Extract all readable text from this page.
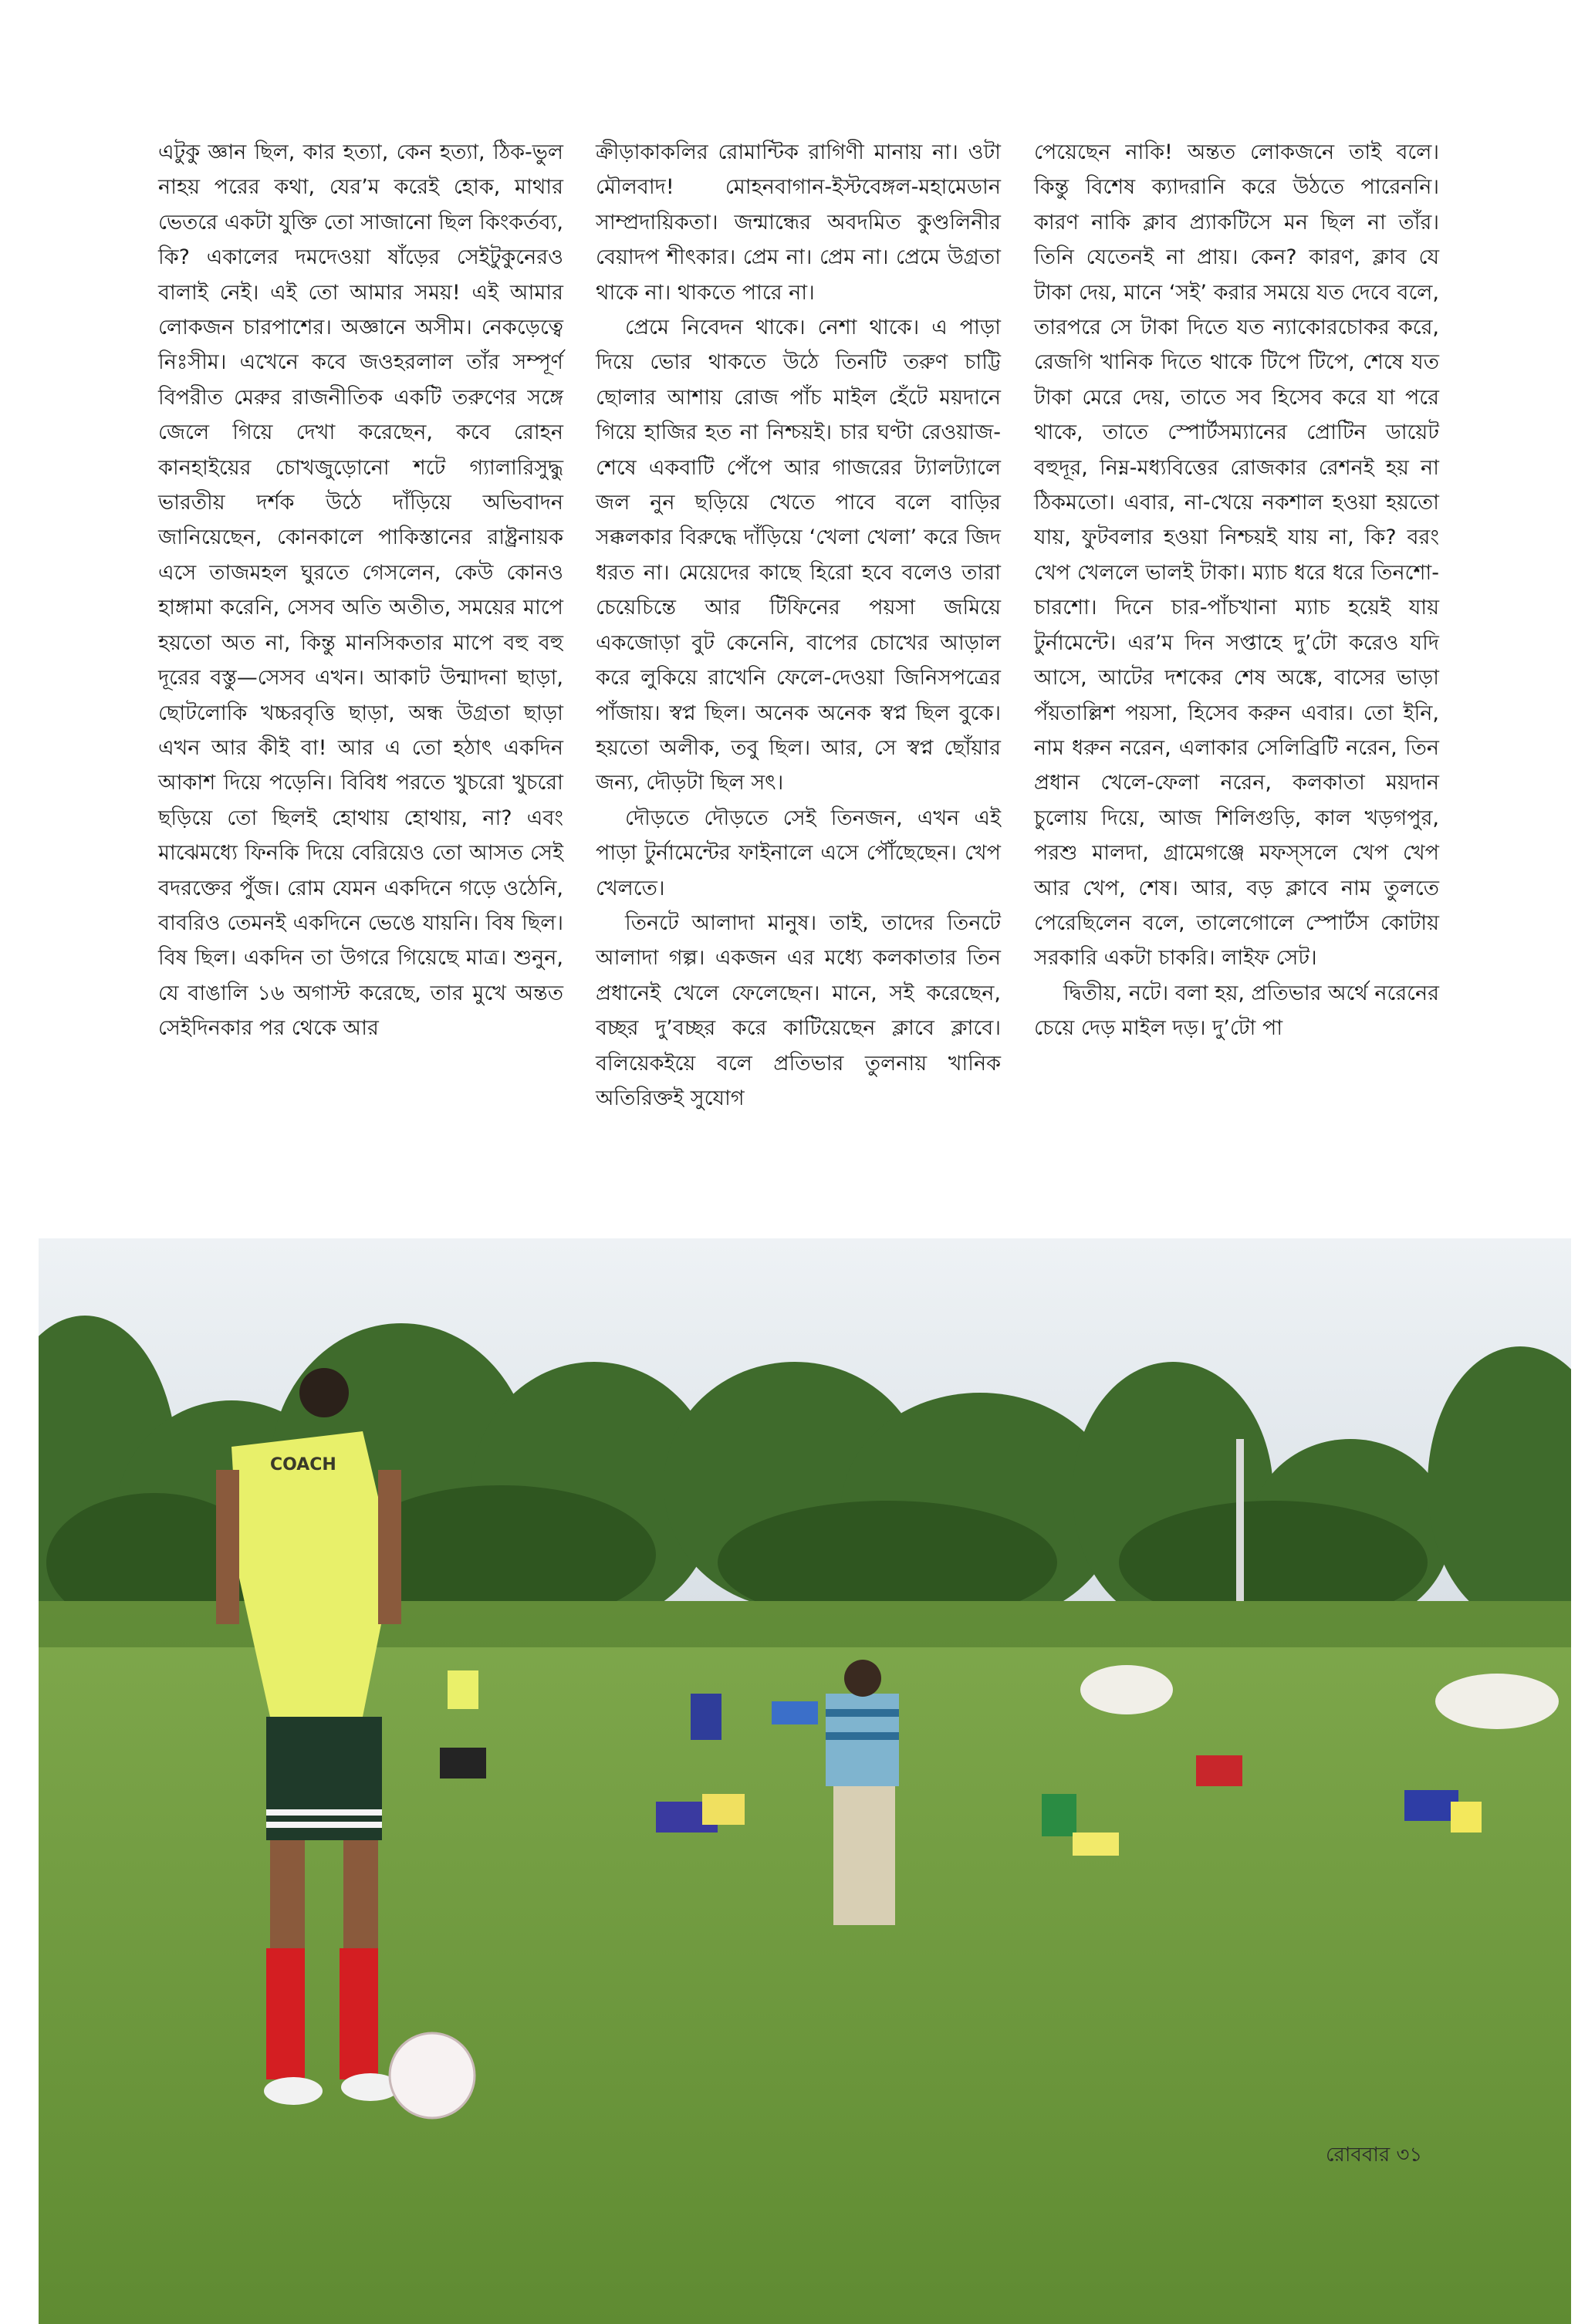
এটুকু জ্ঞান ছিল, কার হত্যা, কেন হত্যা, ঠিক-ভুল নাহয় পরের কথা, যের’ম করেই হোক, মাথার ভেতরে একটা যুক্তি তো সাজানো ছিল কিংকর্তব্য, কি? একালের দমদেওয়া ষাঁড়ের সেইটুকুনেরও বালাই নেই। এই তো আমার সময়! এই আমার লোকজন চারপাশের। অজ্ঞানে অসীম। নেকড়েত্বে নিঃসীম। এখেনে কবে জওহরলাল তাঁর সম্পূর্ণ বিপরীত মেরুর রাজনীতিক একটি তরুণের সঙ্গে জেলে গিয়ে দেখা করেছেন, কবে রোহন কানহাইয়ের চোখজুড়োনো শটে গ্যালারিসুদ্ধু ভারতীয় দর্শক উঠে দাঁড়িয়ে অভিবাদন জানিয়েছেন, কোনকালে পাকিস্তানের রাষ্ট্রনায়ক এসে তাজমহল ঘুরতে গেসলেন, কেউ কোনও হাঙ্গামা করেনি, সেসব অতি অতীত, সময়ের মাপে হয়তো অত না, কিন্তু মানসিকতার মাপে বহু বহু দূরের বস্তু—সেসব এখন। আকাট উন্মাদনা ছাড়া, ছোটলোকি খচ্চরবৃত্তি ছাড়া, অন্ধ উগ্রতা ছাড়া এখন আর কীই বা! আর এ তো হঠাৎ একদিন আকাশ দিয়ে পড়েনি। বিবিধ পরতে খুচরো খুচরো ছড়িয়ে তো ছিলই হোথায় হোথায়, না? এবং মাঝেমধ্যে ফিনকি দিয়ে বেরিয়েও তো আসত সেই বদরক্তের পুঁজ। রোম যেমন একদিনে গড়ে ওঠেনি, বাবরিও তেমনই একদিনে ভেঙে যায়নি। বিষ ছিল। বিষ ছিল। একদিন তা উগরে গিয়েছে মাত্র। শুনুন, যে বাঙালি ১৬ অগাস্ট করেছে, তার মুখে অন্তত সেইদিনকার পর থেকে আর

ক্রীড়াকাকলির রোমান্টিক রাগিণী মানায় না। ওটা মৌলবাদ! মোহনবাগান-ইস্টবেঙ্গল-মহামেডান সাম্প্রদায়িকতা। জন্মান্ধের অবদমিত কুণ্ডলিনীর বেয়াদপ শীৎকার। প্রেম না। প্রেম না। প্রেমে উগ্রতা থাকে না। থাকতে পারে না।

প্রেমে নিবেদন থাকে। নেশা থাকে। এ পাড়া দিয়ে ভোর থাকতে উঠে তিনটি তরুণ চাট্টি ছোলার আশায় রোজ পাঁচ মাইল হেঁটে ময়দানে গিয়ে হাজির হত না নিশ্চয়ই। চার ঘণ্টা রেওয়াজ-শেষে একবাটি পেঁপে আর গাজরের ট্যালট্যালে জল নুন ছড়িয়ে খেতে পাবে বলে বাড়ির সক্কলকার বিরুদ্ধে দাঁড়িয়ে ‘খেলা খেলা’ করে জিদ ধরত না। মেয়েদের কাছে হিরো হবে বলেও তারা চেয়েচিন্তে আর টিফিনের পয়সা জমিয়ে একজোড়া বুট কেনেনি, বাপের চোখের আড়াল করে লুকিয়ে রাখেনি ফেলে-দেওয়া জিনিসপত্রের পাঁজায়। স্বপ্ন ছিল। অনেক অনেক স্বপ্ন ছিল বুকে। হয়তো অলীক, তবু ছিল। আর, সে স্বপ্ন ছোঁয়ার জন্য, দৌড়টা ছিল সৎ।

দৌড়তে দৌড়তে সেই তিনজন, এখন এই পাড়া টুর্নামেন্টের ফাইনালে এসে পৌঁছেছেন। খেপ খেলতে।

তিনটে আলাদা মানুষ। তাই, তাদের তিনটে আলাদা গল্প। একজন এর মধ্যে কলকাতার তিন প্রধানেই খেলে ফেলেছেন। মানে, সই করেছেন, বচ্ছর দু’বচ্ছর করে কাটিয়েছেন ক্লাবে ক্লাবে। বলিয়েকইয়ে বলে প্রতিভার তুলনায় খানিক অতিরিক্তই সুযোগ

পেয়েছেন নাকি! অন্তত লোকজনে তাই বলে। কিন্তু বিশেষ ক্যাদরানি করে উঠতে পারেননি। কারণ নাকি ক্লাব প্র্যাকটিসে মন ছিল না তাঁর। তিনি যেতেনই না প্রায়। কেন? কারণ, ক্লাব যে টাকা দেয়, মানে ‘সই’ করার সময়ে যত দেবে বলে, তারপরে সে টাকা দিতে যত ন্যাকোরচোকর করে, রেজগি খানিক দিতে থাকে টিপে টিপে, শেষে যত টাকা মেরে দেয়, তাতে সব হিসেব করে যা পরে থাকে, তাতে স্পোর্টসম্যানের প্রোটিন ডায়েট বহুদূর, নিম্ন-মধ্যবিত্তের রোজকার রেশনই হয় না ঠিকমতো। এবার, না-খেয়ে নকশাল হওয়া হয়তো যায়, ফুটবলার হওয়া নিশ্চয়ই যায় না, কি? বরং খেপ খেললে ভালই টাকা। ম্যাচ ধরে ধরে তিনশো-চারশো। দিনে চার-পাঁচখানা ম্যাচ হয়েই যায় টুর্নামেন্টে। এর’ম দিন সপ্তাহে দু’টো করেও যদি আসে, আটের দশকের শেষ অঙ্কে, বাসের ভাড়া পঁয়তাল্লিশ পয়সা, হিসেব করুন এবার। তো ইনি, নাম ধরুন নরেন, এলাকার সেলিব্রিটি নরেন, তিন প্রধান খেলে-ফেলা নরেন, কলকাতা ময়দান চুলোয় দিয়ে, আজ শিলিগুড়ি, কাল খড়গপুর, পরশু মালদা, গ্রামেগঞ্জে মফস্সলে খেপ খেপ আর খেপ, শেষ। আর, বড় ক্লাবে নাম তুলতে পেরেছিলেন বলে, তালেগোলে স্পোর্টস কোটায় সরকারি একটা চাকরি। লাইফ সেট।

দ্বিতীয়, নটে। বলা হয়, প্রতিভার অর্থে নরেনের চেয়ে দেড় মাইল দড়। দু’টো পা

COACH
রোববার ৩১
